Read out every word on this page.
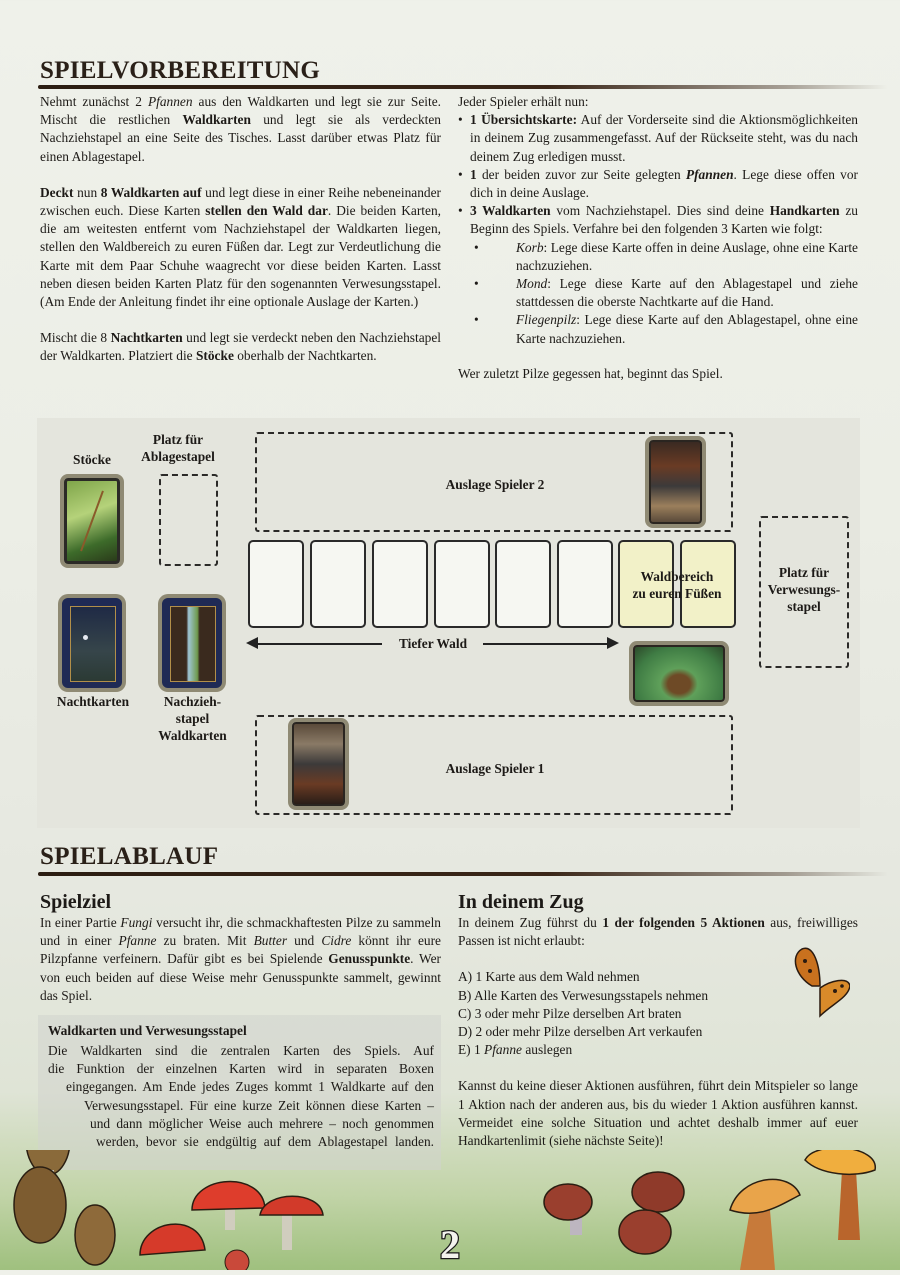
SPIELVORBEREITUNG

Nehmt zunächst 2 Pfannen aus den Waldkarten und legt sie zur Seite. Mischt die restlichen Waldkarten und legt sie als verdeckten Nachziehstapel an eine Seite des Tisches. Lasst darüber etwas Platz für einen Ablagestapel.

Deckt nun 8 Waldkarten auf und legt diese in einer Reihe nebeneinander zwischen euch. Diese Karten stellen den Wald dar. Die beiden Karten, die am weitesten entfernt vom Nachziehstapel der Waldkarten liegen, stellen den Waldbereich zu euren Füßen dar. Legt zur Verdeutlichung die Karte mit dem Paar Schuhe waagrecht vor diese beiden Karten. Lasst neben diesen beiden Karten Platz für den sogenannten Verwesungsstapel. (Am Ende der Anleitung findet ihr eine optionale Auslage der Karten.)

Mischt die 8 Nachtkarten und legt sie verdeckt neben den Nachziehstapel der Waldkarten. Platziert die Stöcke oberhalb der Nachtkarten.

Jeder Spieler erhält nun:

• 1 Übersichtskarte: Auf der Vorderseite sind die Aktionsmöglichkeiten in deinem Zug zusammengefasst. Auf der Rückseite steht, was du nach deinem Zug erledigen musst.
• 1 der beiden zuvor zur Seite gelegten Pfannen. Lege diese offen vor dich in deine Auslage.
• 3 Waldkarten vom Nachziehstapel. Dies sind deine Handkarten zu Beginn des Spiels. Verfahre bei den folgenden 3 Karten wie folgt:
• Korb: Lege diese Karte offen in deine Auslage, ohne eine Karte nachzuziehen.
• Mond: Lege diese Karte auf den Ablagestapel und ziehe stattdessen die oberste Nachtkarte auf die Hand.
• Fliegenpilz: Lege diese Karte auf den Ablagestapel, ohne eine Karte nachzuziehen.

Wer zuletzt Pilze gegessen hat, beginnt das Spiel.

Stöcke
Platz für
Ablagestapel
Nachtkarten	Nachzieh-
stapel
Waldkarten
Auslage Spieler 2
Waldbereich
zu euren Füßen
Tiefer Wald
Platz für
Verwesungs-
stapel
Auslage Spieler 1
SPIELABLAUF
Spielziel

In einer Partie Fungi versucht ihr, die schmackhaftesten Pilze zu sammeln und in einer Pfanne zu braten. Mit Butter und Cidre könnt ihr eure Pilzpfanne verfeinern. Dafür gibt es bei Spielende Genusspunkte. Wer von euch beiden auf diese Weise mehr Genusspunkte sammelt, gewinnt das Spiel.

Waldkarten und Verwesungsstapel
Die Waldkarten sind die zentralen Karten des Spiels. Auf
die Funktion der einzelnen Karten wird in separaten Boxen
eingegangen. Am Ende jedes Zuges kommt 1 Waldkarte auf den
Verwesungsstapel. Für eine kurze Zeit können diese Karten –
und dann möglicher Weise auch mehrere – noch genommen
werden, bevor sie endgültig auf dem Ablagestapel landen.
In deinem Zug

In deinem Zug führst du 1 der folgenden 5 Aktionen aus, freiwilliges Passen ist nicht erlaubt:

A) 1 Karte aus dem Wald nehmen
B) Alle Karten des Verwesungsstapels nehmen
C) 3 oder mehr Pilze derselben Art braten
D) 2 oder mehr Pilze derselben Art verkaufen
E) 1 Pfanne auslegen

Kannst du keine dieser Aktionen ausführen, führt dein Mitspieler so lange 1 Aktion nach der anderen aus, bis du wieder 1 Aktion ausführen kannst. Vermeidet eine solche Situation und achtet deshalb immer auf euer Handkartenlimit (siehe nächste Seite)!

2
